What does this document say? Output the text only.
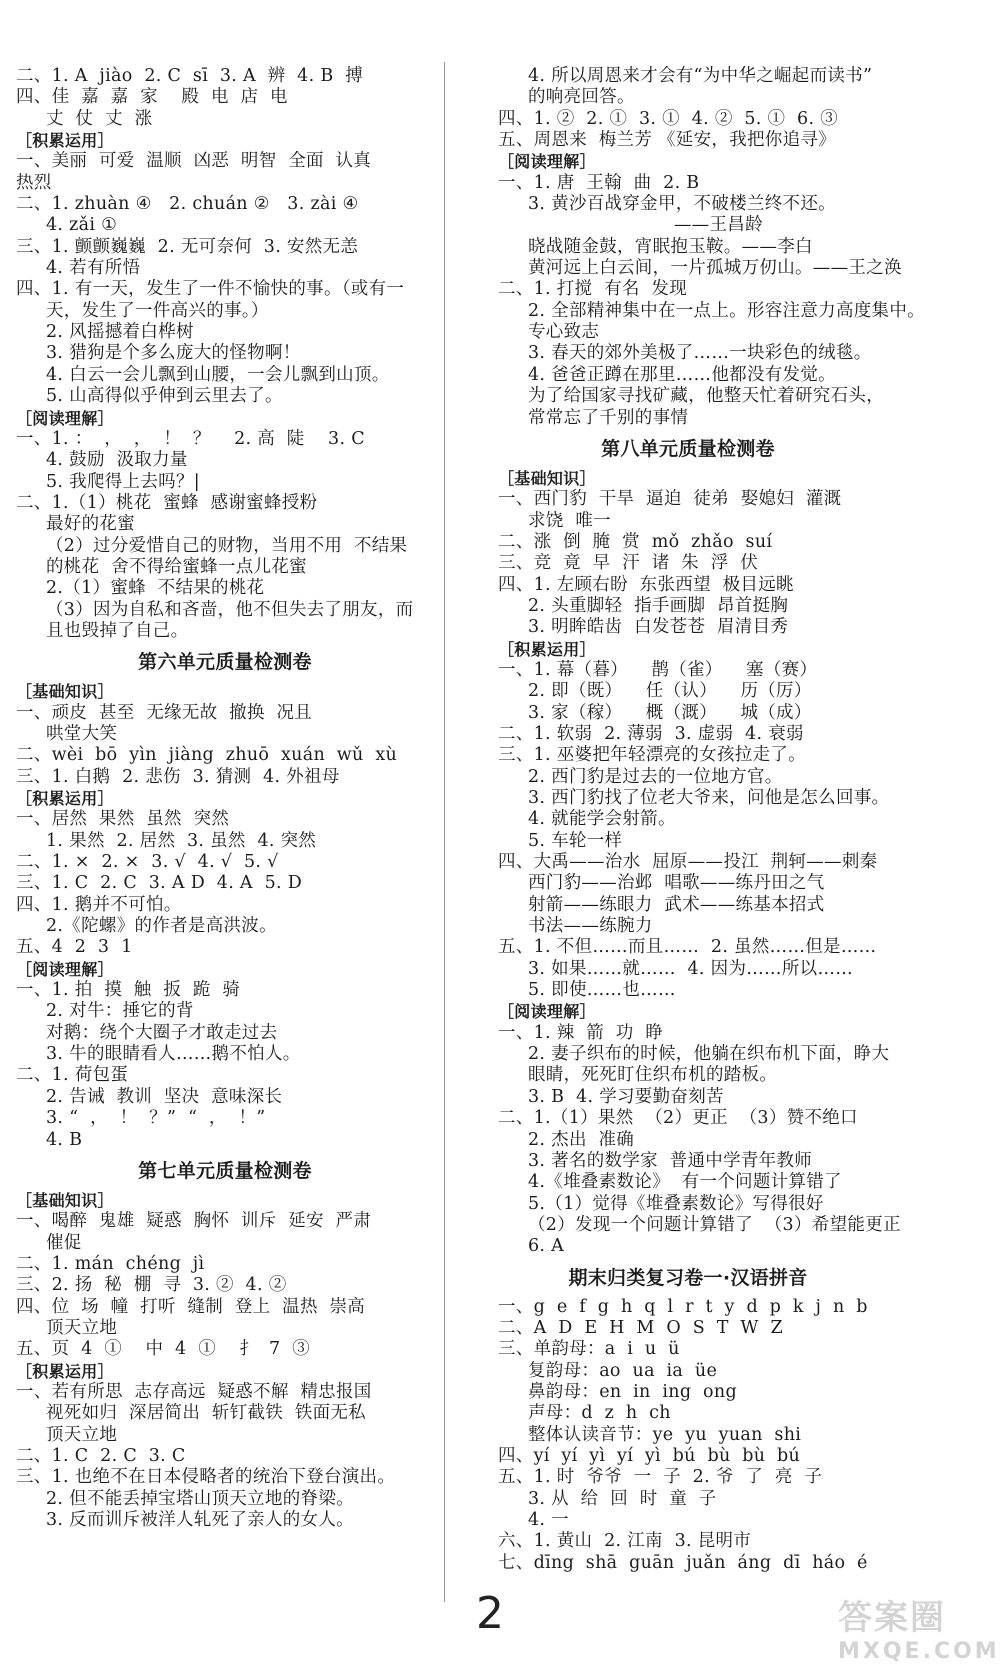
二、1. A  jiào  2. C  sī  3. A  辨  4. B  搏
四、佳  嘉  嘉  家    殿  电  店  电
丈  仗  丈  涨
［积累运用］
一、美丽  可爱  温顺  凶恶  明智  全面  认真
热烈
二、1. zhuàn ④   2. chuán ②   3. zài ④
4. zǎi ①
三、1. 颤颤巍巍  2. 无可奈何  3. 安然无恙
4. 若有所悟
四、1. 有一天，发生了一件不愉快的事。（或有一
天，发生了一件高兴的事。）
2. 风摇撼着白桦树
3. 猎狗是个多么庞大的怪物啊！
4. 白云一会儿飘到山腰，一会儿飘到山顶。
5. 山高得似乎伸到云里去了。
［阅读理解］
一、1. ：  ，  ，  ！  ？    2. 高  陡    3. C
4. 鼓励  汲取力量
5. 我爬得上去吗？|
二、1.（1）桃花  蜜蜂  感谢蜜蜂授粉
最好的花蜜
（2）过分爱惜自己的财物，当用不用  不结果
的桃花  舍不得给蜜蜂一点儿花蜜
2.（1）蜜蜂  不结果的桃花
（3）因为自私和吝啬，他不但失去了朋友，而
且也毁掉了自己。
第六单元质量检测卷
［基础知识］
一、顽皮  甚至  无缘无故  撤换  况且
哄堂大笑
二、wèi  bō  yìn  jiàng  zhuō  xuán  wǔ  xù
三、1. 白鹅  2. 悲伤  3. 猜测  4. 外祖母
［积累运用］
一、居然  果然  虽然  突然
1. 果然  2. 居然  3. 虽然  4. 突然
二、1. ×  2. ×  3. √  4. √  5. √
三、1. C  2. C  3. A D  4. A  5. D
四、1. 鹅并不可怕。
2.《陀螺》的作者是高洪波。
五、4  2  3  1
［阅读理解］
一、1. 拍  摸  触  扳  跪  骑
2. 对牛：捶它的背
对鹅：绕个大圈子才敢走过去
3. 牛的眼睛看人……鹅不怕人。
二、1. 荷包蛋
2. 告诫  教训  坚决  意味深长
3. “  ，  ！  ？”  “  ，  ！”
4. B
第七单元质量检测卷
［基础知识］
一、喝醉  鬼雄  疑惑  胸怀  训斥  延安  严肃
催促
二、1. mán  chéng  jì
三、2. 扬  秘  棚  寻  3. ②  4. ②
四、位  场  幢  打听  缝制  登上  温热  崇高
顶天立地
五、页  4  ①    中  4  ①    扌  7  ③
［积累运用］
一、若有所思  志存高远  疑惑不解  精忠报国
视死如归  深居简出  斩钉截铁  铁面无私
顶天立地
二、1. C  2. C  3. C
三、1. 也绝不在日本侵略者的统治下登台演出。
2. 但不能丢掉宝塔山顶天立地的脊梁。
3. 反而训斥被洋人轧死了亲人的女人。
4. 所以周恩来才会有“为中华之崛起而读书”
的响亮回答。
四、1. ②  2. ①  3. ①  4. ②  5. ①  6. ③
五、周恩来  梅兰芳 《延安，我把你追寻》
［阅读理解］
一、1. 唐  王翰  曲  2. B
3. 黄沙百战穿金甲，不破楼兰终不还。
——王昌龄
晓战随金鼓，宵眠抱玉鞍。——李白
黄河远上白云间，一片孤城万仞山。——王之涣
二、1. 打搅  有名  发现
2. 全部精神集中在一点上。形容注意力高度集中。
专心致志
3. 春天的郊外美极了……一块彩色的绒毯。
4. 爸爸正蹲在那里……他都没有发觉。
为了给国家寻找矿藏，他整天忙着研究石头，
常常忘了千别的事情
第八单元质量检测卷
［基础知识］
一、西门豹  干旱  逼迫  徒弟  娶媳妇  灌溉
求饶  唯一
二、涨  倒  腌  赏  mǒ  zhǎo  suí
三、竞  竟  早  汗  诸  朱  浮  伏
四、1. 左顾右盼  东张西望  极目远眺
2. 头重脚轻  指手画脚  昂首挺胸
3. 明眸皓齿  白发苍苍  眉清目秀
［积累运用］
一、1. 幕（暮）    鹊（雀）    塞（赛）
2. 即（既）    任（认）    历（厉）
3. 家（稼）    概（溉）    城（成）
二、1. 软弱  2. 薄弱  3. 虚弱  4. 衰弱
三、1. 巫婆把年轻漂亮的女孩拉走了。
2. 西门豹是过去的一位地方官。
3. 西门豹找了位老大爷来，问他是怎么回事。
4. 就能学会射箭。
5. 车轮一样
四、大禹——治水  屈原——投江  荆轲——刺秦
西门豹——治邺  唱歌——练丹田之气
射箭——练眼力  武术——练基本招式
书法——练腕力
五、1. 不但……而且……  2. 虽然……但是……
3. 如果……就……  4. 因为……所以……
5. 即使……也……
［阅读理解］
一、1. 辣  箭  功  睁
2. 妻子织布的时候，他躺在织布机下面，睁大
眼睛，死死盯住织布机的踏板。
3. B  4. 学习要勤奋刻苦
二、1.（1）果然  （2）更正  （3）赞不绝口
2. 杰出  准确
3. 著名的数学家  普通中学青年教师
4.《堆叠素数论》  有一个问题计算错了
5.（1）觉得《堆叠素数论》写得很好
（2）发现一个问题计算错了  （3）希望能更正
6. A
期末归类复习卷一·汉语拼音
一、g  e  f  g  h  q  l  r  t  y  d  p  k  j  n  b
二、A  D  E  H  M  O  S  T  W  Z
三、单韵母：a  i  u  ü
复韵母：ao  ua  ia  üe
鼻韵母：en  in  ing  ong
声母：d  z  h  ch
整体认读音节：ye  yu  yuan  shi
四、yí  yí  yì  yí  yì  bú  bù  bù  bú
五、1. 时  爷爷  一  子  2. 爷  了  亮  子
3. 从  给  回  时  童  子
4. 一
六、1. 黄山  2. 江南  3. 昆明市
七、dīng  shā  guān  juǎn  áng  dī  háo  é
2	答案圈
MXQE.COM
